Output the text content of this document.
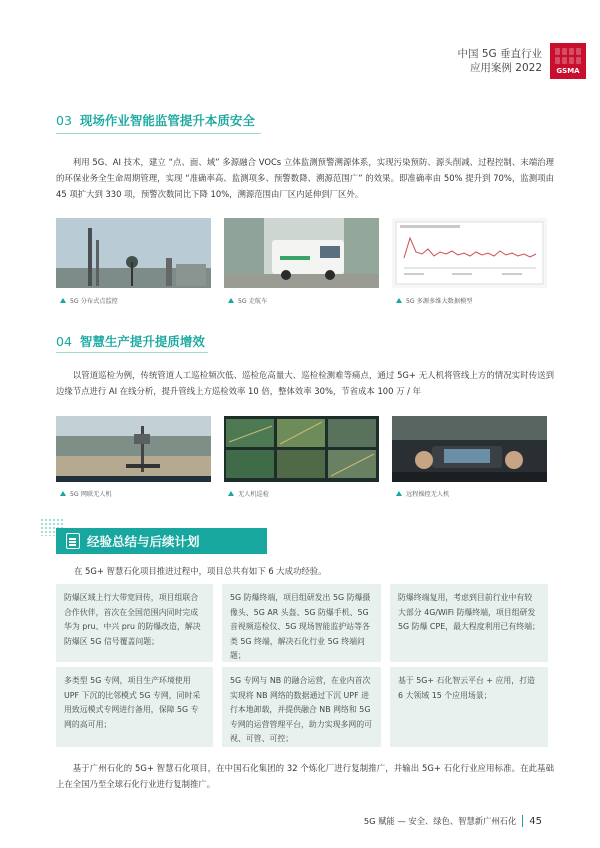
中国 5G 垂直行业
应用案例 2022 GSMA
03 现场作业智能监管提升本质安全
利用 5G、AI 技术，建立 “点、面、域” 多源融合 VOCs 立体监测预警溯源体系，实现污染预防、源头削减、过程控制、末端治理的环保业务全生命周期管理，实现 “准确率高、监测项多、预警数降、溯源范围广” 的效果。即准确率由 50% 提升到 70%，监测项由 45 项扩大到 330 项，预警次数同比下降 10%，溯源范围由厂区内延伸到厂区外。
5G 分布式点监控	5G 走航车	5G 多源多维大数据模型
04 智慧生产提升提质增效
以管道巡检为例，传统管道人工巡检频次低、巡检危高量大、巡检检测难等痛点，通过 5G+ 无人机将管线上方的情况实时传送到边缘节点进行 AI 在线分析，提升管线上方巡检效率 10 倍，整体效率 30%，节省成本 100 万 / 年
5G 网联无人机	无人机巡检	远程操控无人机
经验总结与后续计划
在 5G+ 智慧石化项目推进过程中，项目总共有如下 6 大成功经验。
防爆区域上行大带宽回传，项目组联合合作伙伴，首次在全国范围内同时完成华为 pru、中兴 pru 的防爆改造，解决防爆区 5G 信号覆盖问题；
5G 防爆终端，项目组研发出 5G 防爆摄像头、5G AR 头盔、5G 防爆手机、5G 音视频巡检仪、5G 现场智能监护站等各类 5G 终端，解决石化行业 5G 终端问题；
防爆终端复用，考虑到目前行业中有较大部分 4G/WiFi 防爆终端，项目组研发 5G 防爆 CPE，最大程度利用已有终端；
多类型 5G 专网，项目生产环境使用 UPF 下沉的比邻模式 5G 专网，同时采用致远模式专网进行备用，保障 5G 专网的高可用；
5G 专网与 NB 的融合运营，在业内首次实现将 NB 网络的数据通过下沉 UPF 进行本地卸载，并提供融合 NB 网络和 5G 专网的运营管理平台，助力实现多网的可视、可管、可控；
基于 5G+ 石化智云平台 + 应用，打造 6 大领域 15 个应用场景；
基于广州石化的 5G+ 智慧石化项目，在中国石化集团的 32 个炼化厂进行复制推广，并输出 5G+ 石化行业应用标准。在此基础上在全国乃至全球石化行业进行复制推广。
5G 赋能 — 安全、绿色、智慧新广州石化 45
